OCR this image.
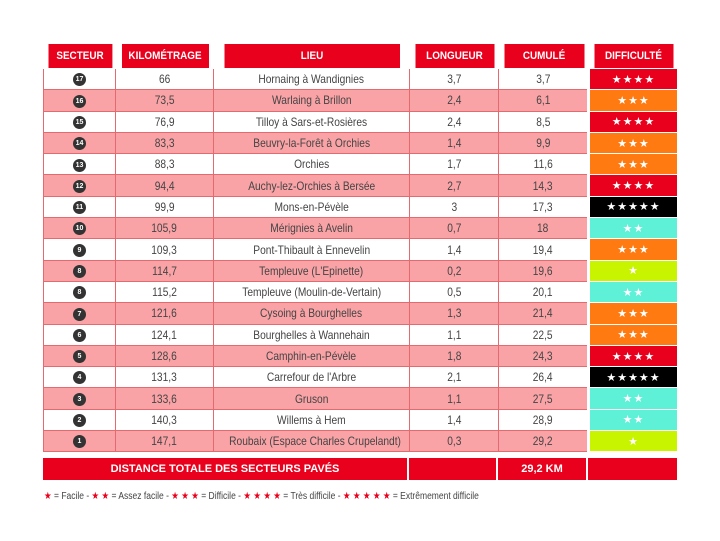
SECTEUR	KILOMÉTRAGE	LIEU	LONGUEUR	CUMULÉ	DIFFICULTÉ
17	66	Hornaing à Wandignies	3,7	3,7	★★★★
16	73,5	Warlaing à Brillon	2,4	6,1	★★★
15	76,9	Tilloy à Sars-et-Rosières	2,4	8,5	★★★★
14	83,3	Beuvry-la-Forêt à Orchies	1,4	9,9	★★★
13	88,3	Orchies	1,7	11,6	★★★
12	94,4	Auchy-lez-Orchies à Bersée	2,7	14,3	★★★★
11	99,9	Mons-en-Pévèle	3	17,3	★★★★★
10	105,9	Mérignies à Avelin	0,7	18	★★
9	109,3	Pont-Thibault à Ennevelin	1,4	19,4	★★★
8	114,7	Templeuve (L'Epinette)	0,2	19,6	★
8	115,2	Templeuve (Moulin-de-Vertain)	0,5	20,1	★★
7	121,6	Cysoing à Bourghelles	1,3	21,4	★★★
6	124,1	Bourghelles à Wannehain	1,1	22,5	★★★
5	128,6	Camphin-en-Pévèle	1,8	24,3	★★★★
4	131,3	Carrefour de l'Arbre	2,1	26,4	★★★★★
3	133,6	Gruson	1,1	27,5	★★
2	140,3	Willems à Hem	1,4	28,9	★★
1	147,1	Roubaix (Espace Charles Crupelandt)	0,3	29,2	★
DISTANCE TOTALE DES SECTEURS PAVÉS	29,2 KM
★ = Facile - ★ ★ = Assez facile - ★ ★ ★ = Difficile - ★ ★ ★ ★ = Très difficile - ★ ★ ★ ★ ★ = Extrêmement difficile
